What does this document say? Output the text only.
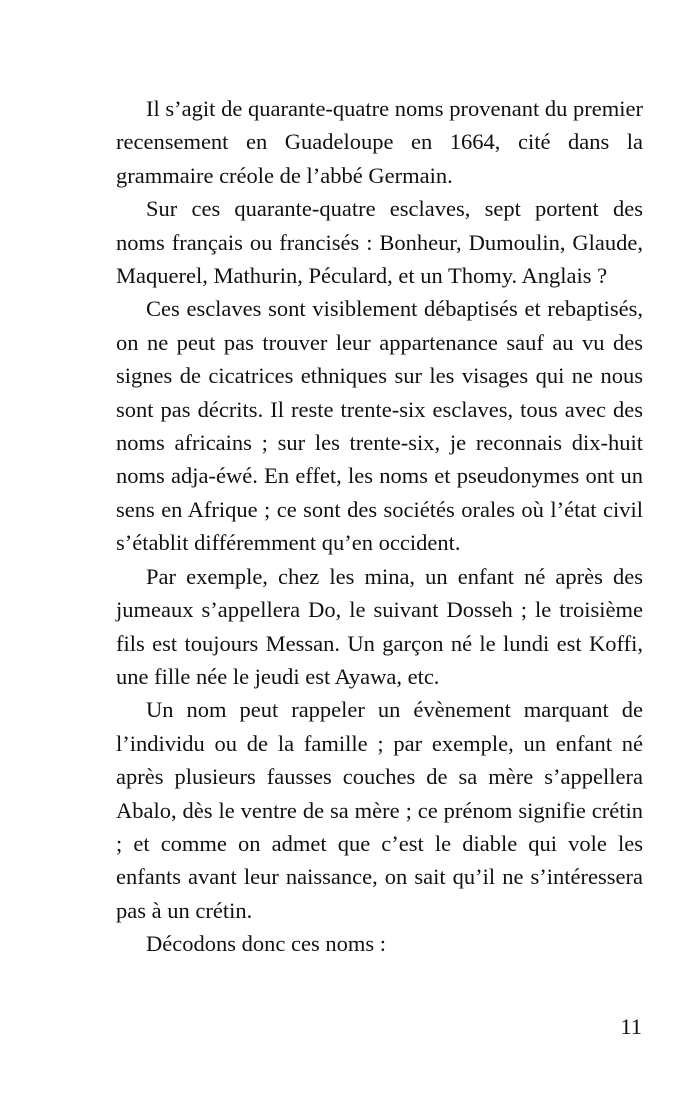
Il s’agit de quarante-quatre noms provenant du premier recensement en Guadeloupe en 1664, cité dans la grammaire créole de l’abbé Germain.

Sur ces quarante-quatre esclaves, sept portent des noms français ou francisés : Bonheur, Dumoulin, Glaude, Maquerel, Mathurin, Péculard, et un Thomy. Anglais ?

Ces esclaves sont visiblement débaptisés et rebaptisés, on ne peut pas trouver leur appartenance sauf au vu des signes de cicatrices ethniques sur les visages qui ne nous sont pas décrits. Il reste trente-six esclaves, tous avec des noms africains ; sur les trente-six, je reconnais dix-huit noms adja-éwé. En effet, les noms et pseudonymes ont un sens en Afrique ; ce sont des sociétés orales où l’état civil s’établit différemment qu’en occident.

Par exemple, chez les mina, un enfant né après des jumeaux s’appellera Do, le suivant Dosseh ; le troisième fils est toujours Messan. Un garçon né le lundi est Koffi, une fille née le jeudi est Ayawa, etc.

Un nom peut rappeler un évènement marquant de l’individu ou de la famille ; par exemple, un enfant né après plusieurs fausses couches de sa mère s’appellera Abalo, dès le ventre de sa mère ; ce prénom signifie crétin ; et comme on admet que c’est le diable qui vole les enfants avant leur naissance, on sait qu’il ne s’intéressera pas à un crétin.

Décodons donc ces noms :

11
